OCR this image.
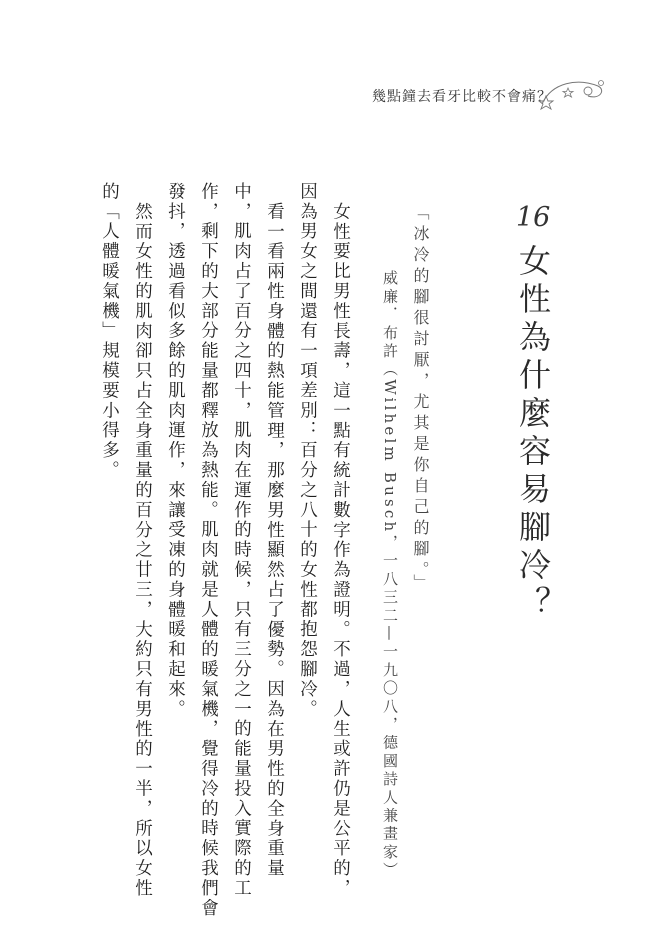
幾點鐘去看牙比較不會痛？
16
女性為什麼容易腳冷？
「冰冷的腳很討厭，尤其是你自己的腳。」
威廉．布許（Wilhelm Busch，一八三二—一九〇八，德國詩人兼畫家）
女性要比男性長壽，這一點有統計數字作為證明。不過，人生或許仍是公平的，
因為男女之間還有一項差別：百分之八十的女性都抱怨腳冷。
看一看兩性身體的熱能管理，那麼男性顯然占了優勢。因為在男性的全身重量
中，肌肉占了百分之四十，肌肉在運作的時候，只有三分之一的能量投入實際的工
作，剩下的大部分能量都釋放為熱能。肌肉就是人體的暖氣機，覺得冷的時候我們會
發抖，透過看似多餘的肌肉運作，來讓受凍的身體暖和起來。
然而女性的肌肉卻只占全身重量的百分之廿三，大約只有男性的一半，所以女性
的「人體暖氣機」規模要小得多。
